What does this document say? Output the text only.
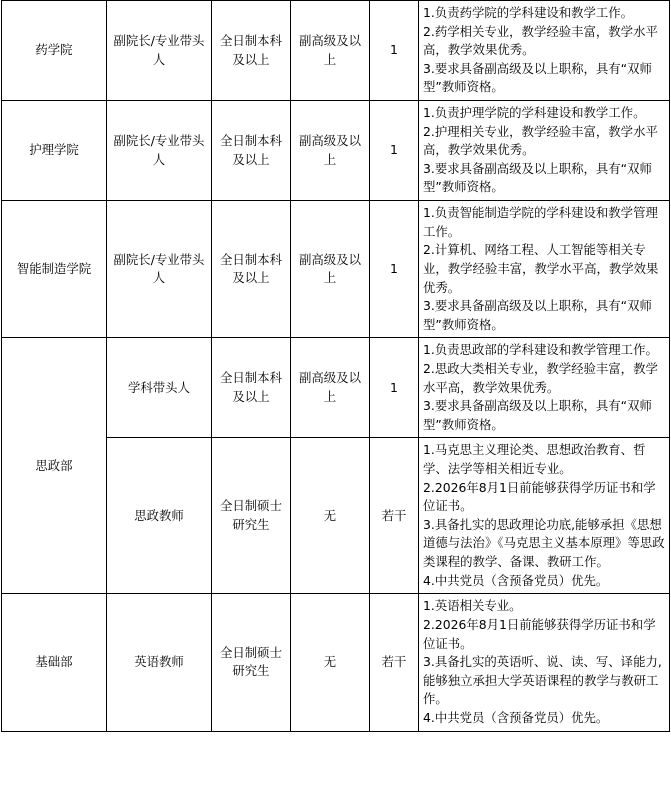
药学院	副院长/专业带头人	全日制本科及以上	副高级及以上	1	1.负责药学院的学科建设和教学工作。
2.药学相关专业，教学经验丰富，教学水平高，教学效果优秀。
3.要求具备副高级及以上职称，具有“双师型”教师资格。

护理学院	副院长/专业带头人	全日制本科及以上	副高级及以上	1	1.负责护理学院的学科建设和教学工作。
2.护理相关专业，教学经验丰富，教学水平高，教学效果优秀。
3.要求具备副高级及以上职称，具有“双师型”教师资格。

智能制造学院	副院长/专业带头人	全日制本科及以上	副高级及以上	1	1.负责智能制造学院的学科建设和教学管理工作。
2.计算机、网络工程、人工智能等相关专业，教学经验丰富，教学水平高，教学效果优秀。
3.要求具备副高级及以上职称，具有“双师型”教师资格。

思政部	学科带头人	全日制本科及以上	副高级及以上	1	1.负责思政部的学科建设和教学管理工作。
2.思政大类相关专业，教学经验丰富，教学水平高，教学效果优秀。
3.要求具备副高级及以上职称，具有“双师型”教师资格。

	思政教师	全日制硕士研究生	无	若干	1.马克思主义理论类、思想政治教育、哲学、法学等相关相近专业。
2.2026年8月1日前能够获得学历证书和学位证书。
3.具备扎实的思政理论功底,能够承担《思想道德与法治》《马克思主义基本原理》等思政类课程的教学、备课、教研工作。
4.中共党员（含预备党员）优先。

基础部	英语教师	全日制硕士研究生	无	若干	1.英语相关专业。
2.2026年8月1日前能够获得学历证书和学位证书。
3.具备扎实的英语听、说、读、写、译能力,能够独立承担大学英语课程的教学与教研工作。
4.中共党员（含预备党员）优先。
